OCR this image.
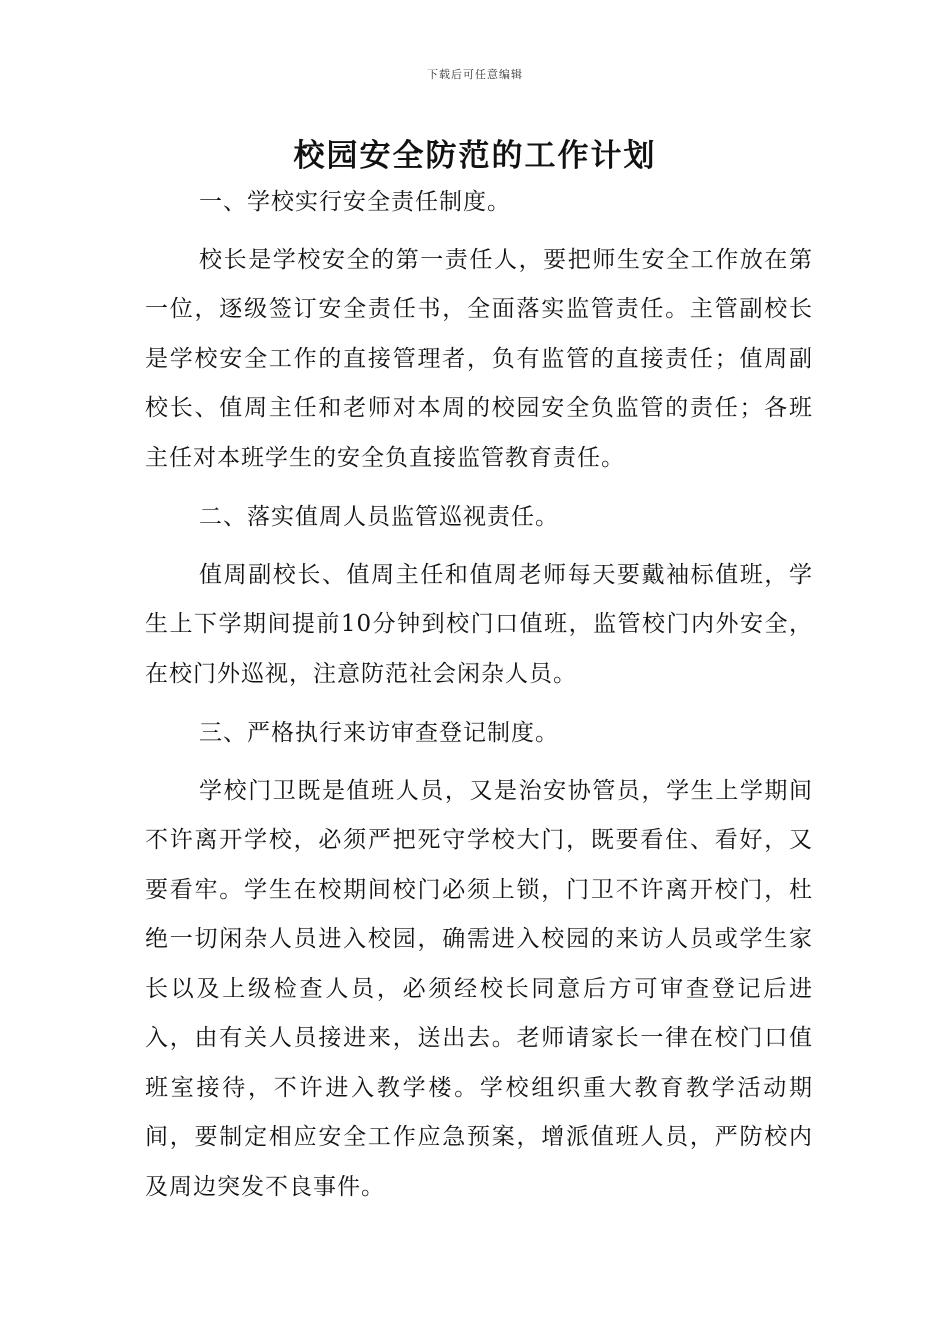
下载后可任意编辑
校园安全防范的工作计划

一、学校实行安全责任制度。

校长是学校安全的第一责任人，要把师生安全工作放在第一位，逐级签订安全责任书，全面落实监管责任。主管副校长是学校安全工作的直接管理者，负有监管的直接责任；值周副校长、值周主任和老师对本周的校园安全负监管的责任；各班主任对本班学生的安全负直接监管教育责任。

二、落实值周人员监管巡视责任。

值周副校长、值周主任和值周老师每天要戴袖标值班，学生上下学期间提前10分钟到校门口值班，监管校门内外安全，在校门外巡视，注意防范社会闲杂人员。

三、严格执行来访审查登记制度。

学校门卫既是值班人员，又是治安协管员，学生上学期间不许离开学校，必须严把死守学校大门，既要看住、看好，又要看牢。学生在校期间校门必须上锁，门卫不许离开校门，杜绝一切闲杂人员进入校园，确需进入校园的来访人员或学生家长以及上级检查人员，必须经校长同意后方可审查登记后进入，由有关人员接进来，送出去。老师请家长一律在校门口值班室接待，不许进入教学楼。学校组织重大教育教学活动期间，要制定相应安全工作应急预案，增派值班人员，严防校内及周边突发不良事件。
